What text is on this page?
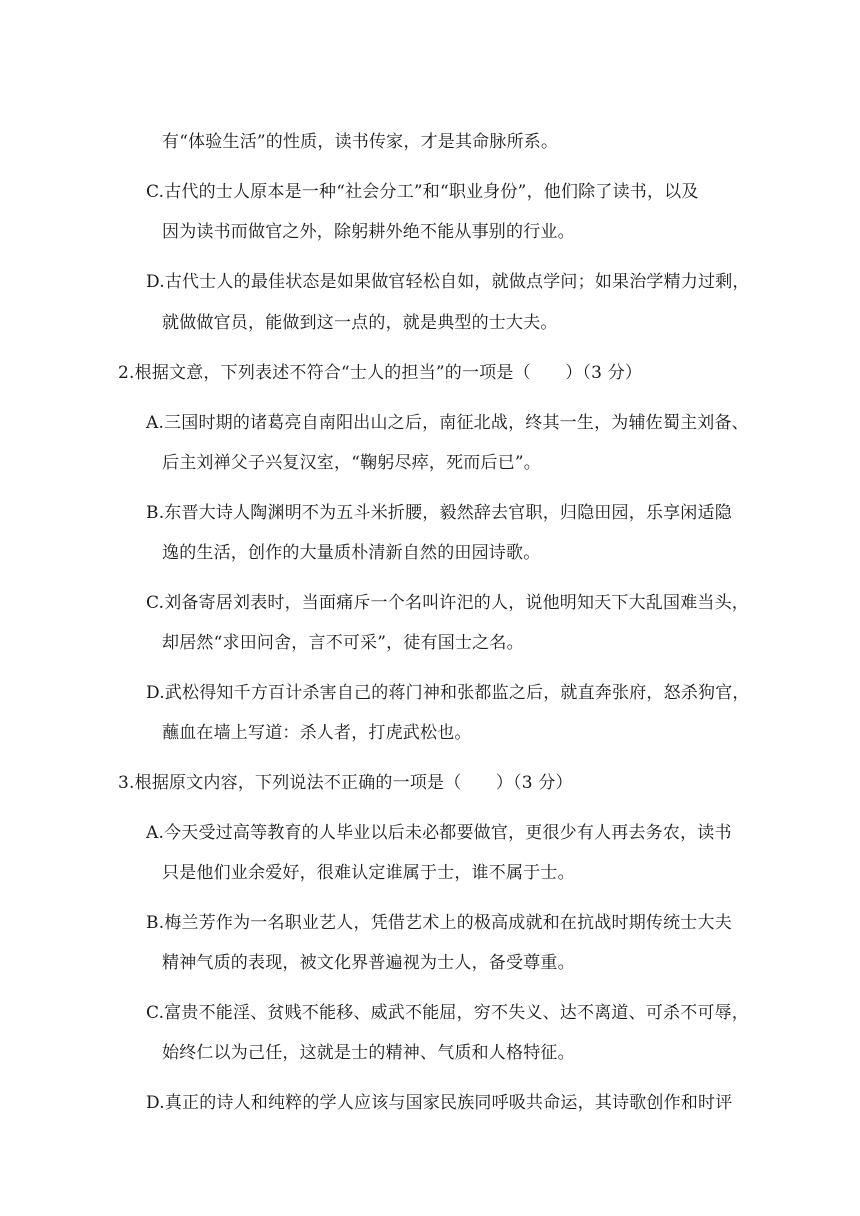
有“体验生活”的性质，读书传家，才是其命脉所系。

C.古代的士人原本是一种“社会分工”和“职业身份”，他们除了读书，以及

因为读书而做官之外，除躬耕外绝不能从事别的行业。

D.古代士人的最佳状态是如果做官轻松自如，就做点学问；如果治学精力过剩，

就做做官员，能做到这一点的，就是典型的士大夫。

2.根据文意，下列表述不符合“士人的担当”的一项是（　　）（3 分）

A.三国时期的诸葛亮自南阳出山之后，南征北战，终其一生，为辅佐蜀主刘备、

后主刘禅父子兴复汉室，“鞠躬尽瘁，死而后已”。

B.东晋大诗人陶渊明不为五斗米折腰，毅然辞去官职，归隐田园，乐享闲适隐

逸的生活，创作的大量质朴清新自然的田园诗歌。

C.刘备寄居刘表时，当面痛斥一个名叫许汜的人，说他明知天下大乱国难当头，

却居然“求田问舍，言不可采”，徒有国士之名。

D.武松得知千方百计杀害自己的蒋门神和张都监之后，就直奔张府，怒杀狗官，

蘸血在墙上写道：杀人者，打虎武松也。

3.根据原文内容，下列说法不正确的一项是（　　）（3 分）

A.今天受过高等教育的人毕业以后未必都要做官，更很少有人再去务农，读书

只是他们业余爱好，很难认定谁属于士，谁不属于士。

B.梅兰芳作为一名职业艺人，凭借艺术上的极高成就和在抗战时期传统士大夫

精神气质的表现，被文化界普遍视为士人，备受尊重。

C.富贵不能淫、贫贱不能移、威武不能屈，穷不失义、达不离道、可杀不可辱，

始终仁以为己任，这就是士的精神、气质和人格特征。

D.真正的诗人和纯粹的学人应该与国家民族同呼吸共命运，其诗歌创作和时评
